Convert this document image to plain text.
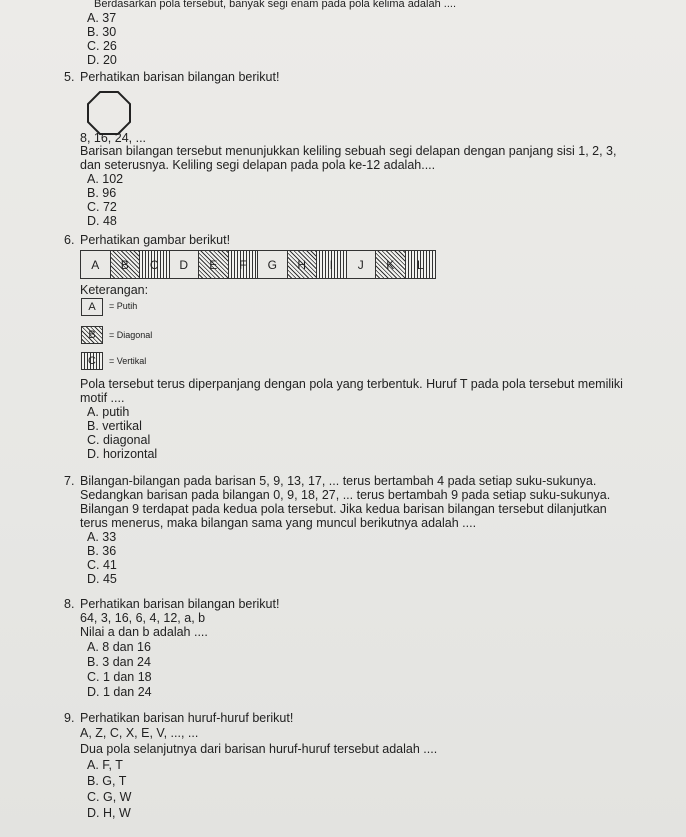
Berdasarkan pola tersebut, banyak segi enam pada pola kelima adalah ....
A. 37
B. 30
C. 26
D. 20
5. Perhatikan barisan bilangan berikut!
8, 16, 24, ...
Barisan bilangan tersebut menunjukkan keliling sebuah segi delapan dengan panjang sisi 1, 2, 3,
dan seterusnya. Keliling segi delapan pada pola ke-12 adalah....
A. 102
B. 96
C. 72
D. 48
6. Perhatikan gambar berikut!
A B C D E F G H I J K L
Keterangan:
A = Putih
B = Diagonal
C = Vertikal
Pola tersebut terus diperpanjang dengan pola yang terbentuk. Huruf T pada pola tersebut memiliki
motif ....
A. putih
B. vertikal
C. diagonal
D. horizontal
7. Bilangan-bilangan pada barisan 5, 9, 13, 17, ... terus bertambah 4 pada setiap suku-sukunya.
Sedangkan barisan pada bilangan 0, 9, 18, 27, ... terus bertambah 9 pada setiap suku-sukunya.
Bilangan 9 terdapat pada kedua pola tersebut. Jika kedua barisan bilangan tersebut dilanjutkan
terus menerus, maka bilangan sama yang muncul berikutnya adalah ....
A. 33
B. 36
C. 41
D. 45
8. Perhatikan barisan bilangan berikut!
64, 3, 16, 6, 4, 12, a, b
Nilai a dan b adalah ....
A. 8 dan 16
B. 3 dan 24
C. 1 dan 18
D. 1 dan 24
9. Perhatikan barisan huruf-huruf berikut!
A, Z, C, X, E, V, ..., ...
Dua pola selanjutnya dari barisan huruf-huruf tersebut adalah ....
A. F, T
B. G, T
C. G, W
D. H, W
